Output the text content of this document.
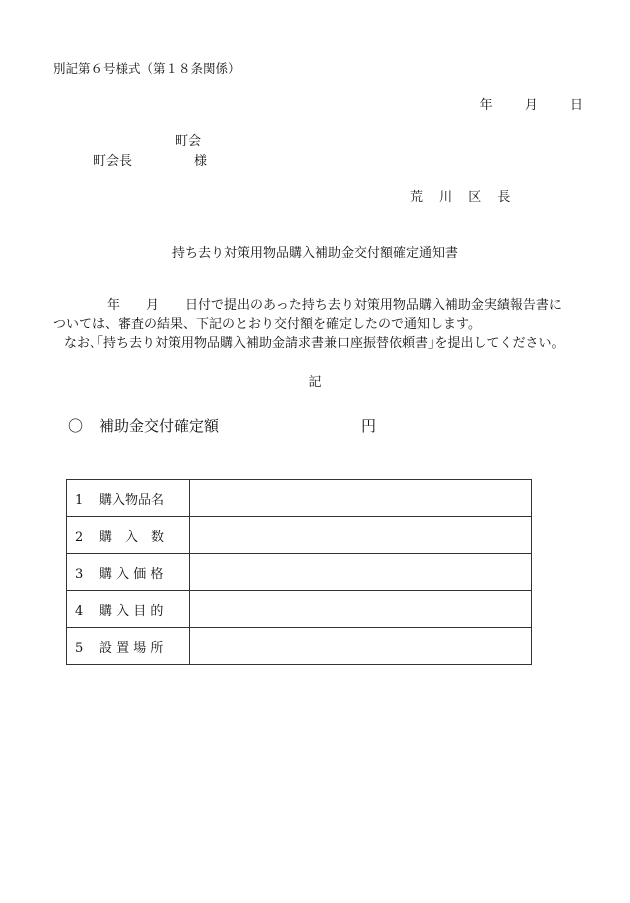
別記第６号様式（第１８条関係）
年 月 日
町会
町会長	様
荒 川 区 長
持ち去り対策用物品購入補助金交付額確定通知書
年 月 日付で提出のあった持ち去り対策用物品購入補助金実績報告書に
ついては、審査の結果、下記のとおり交付額を確定したので通知します。
なお､｢持ち去り対策用物品購入補助金請求書兼口座振替依頼書｣を提出してください。
記
〇 補助金交付確定額	円
1 購入物品名	
2 購　入　数	
3 購 入 価 格	
4 購 入 目 的	
5 設 置 場 所	
